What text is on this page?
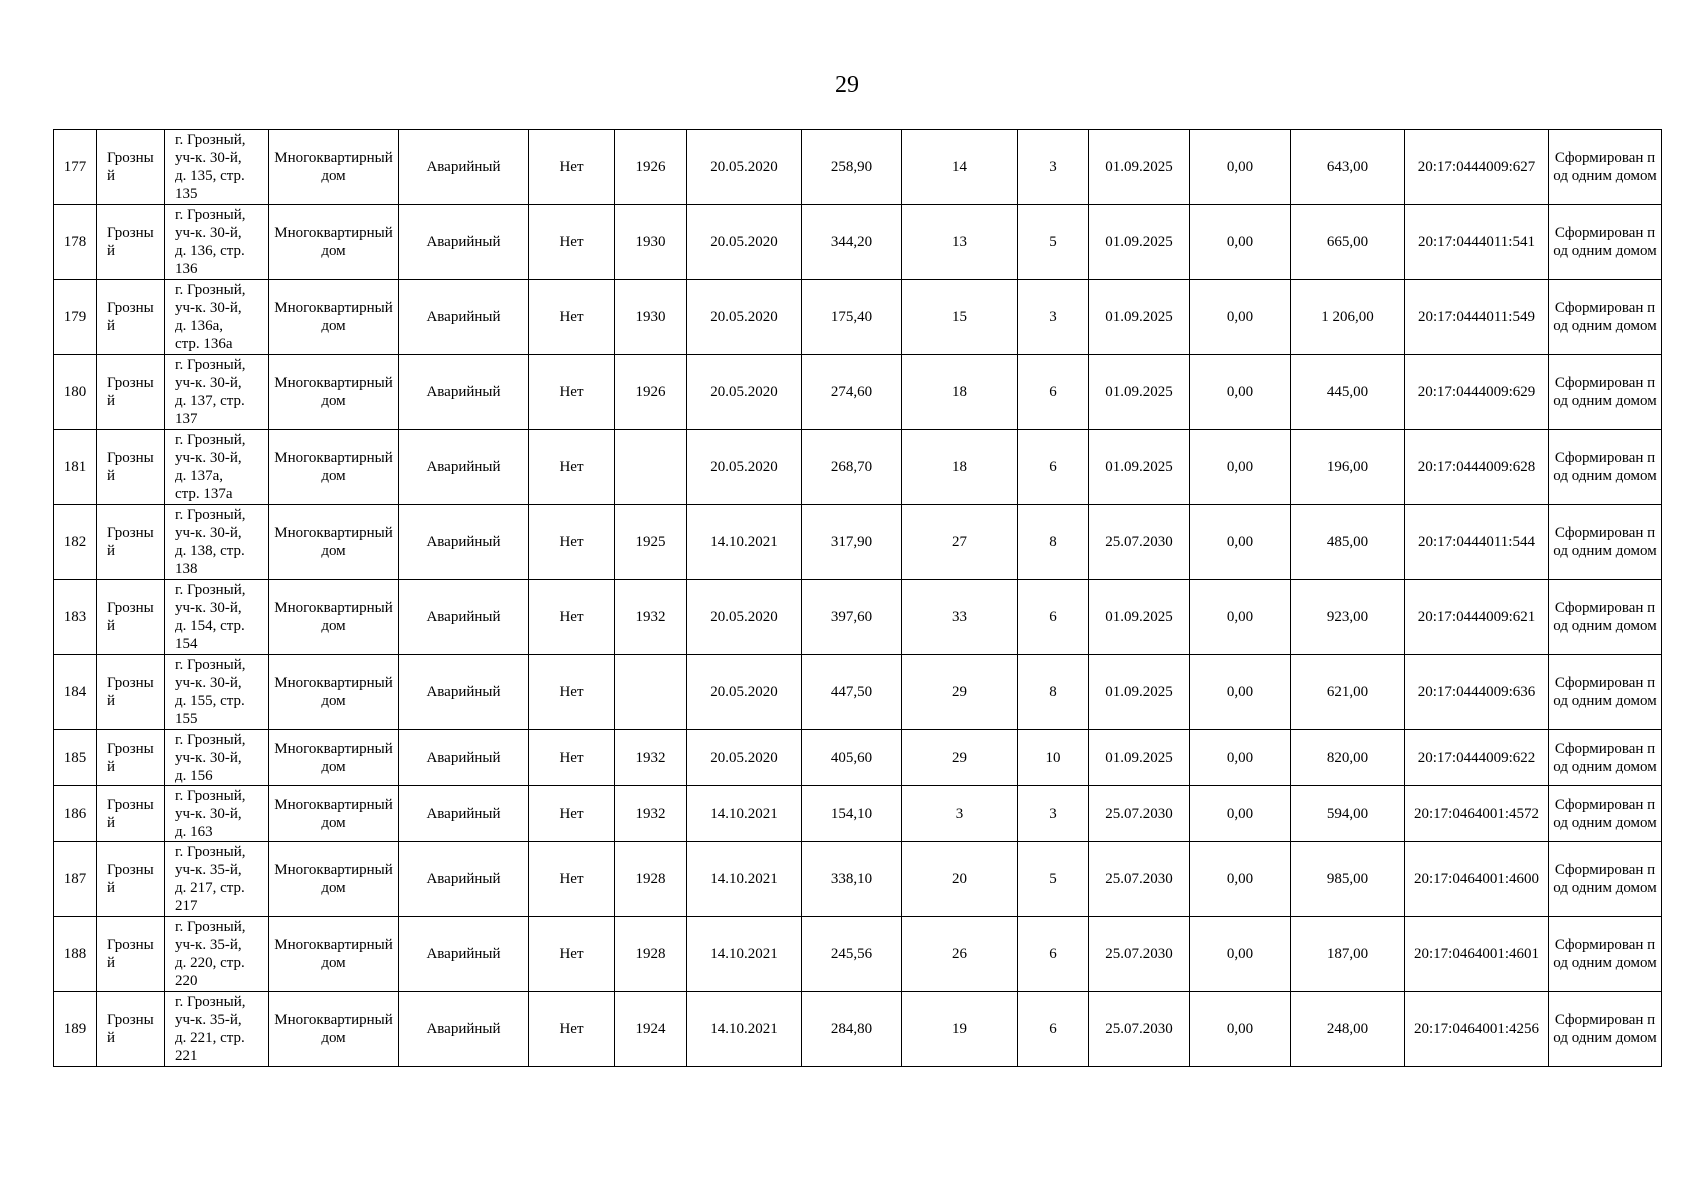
29
177	Грозный	г. Грозный,
уч-к. 30-й,
д. 135, стр.
135	Многоквартирный дом	Аварийный	Нет	1926	20.05.2020	258,90	14	3	01.09.2025	0,00	643,00	20:17:0444009:627	Сформирован под одним домом
178	Грозный	г. Грозный,
уч-к. 30-й,
д. 136, стр.
136	Многоквартирный дом	Аварийный	Нет	1930	20.05.2020	344,20	13	5	01.09.2025	0,00	665,00	20:17:0444011:541	Сформирован под одним домом
179	Грозный	г. Грозный,
уч-к. 30-й,
д. 136а,
стр. 136а	Многоквартирный дом	Аварийный	Нет	1930	20.05.2020	175,40	15	3	01.09.2025	0,00	1 206,00	20:17:0444011:549	Сформирован под одним домом
180	Грозный	г. Грозный,
уч-к. 30-й,
д. 137, стр.
137	Многоквартирный дом	Аварийный	Нет	1926	20.05.2020	274,60	18	6	01.09.2025	0,00	445,00	20:17:0444009:629	Сформирован под одним домом
181	Грозный	г. Грозный,
уч-к. 30-й,
д. 137а,
стр. 137а	Многоквартирный дом	Аварийный	Нет		20.05.2020	268,70	18	6	01.09.2025	0,00	196,00	20:17:0444009:628	Сформирован под одним домом
182	Грозный	г. Грозный,
уч-к. 30-й,
д. 138, стр.
138	Многоквартирный дом	Аварийный	Нет	1925	14.10.2021	317,90	27	8	25.07.2030	0,00	485,00	20:17:0444011:544	Сформирован под одним домом
183	Грозный	г. Грозный,
уч-к. 30-й,
д. 154, стр.
154	Многоквартирный дом	Аварийный	Нет	1932	20.05.2020	397,60	33	6	01.09.2025	0,00	923,00	20:17:0444009:621	Сформирован под одним домом
184	Грозный	г. Грозный,
уч-к. 30-й,
д. 155, стр.
155	Многоквартирный дом	Аварийный	Нет		20.05.2020	447,50	29	8	01.09.2025	0,00	621,00	20:17:0444009:636	Сформирован под одним домом
185	Грозный	г. Грозный,
уч-к. 30-й,
д. 156	Многоквартирный дом	Аварийный	Нет	1932	20.05.2020	405,60	29	10	01.09.2025	0,00	820,00	20:17:0444009:622	Сформирован под одним домом
186	Грозный	г. Грозный,
уч-к. 30-й,
д. 163	Многоквартирный дом	Аварийный	Нет	1932	14.10.2021	154,10	3	3	25.07.2030	0,00	594,00	20:17:0464001:4572	Сформирован под одним домом
187	Грозный	г. Грозный,
уч-к. 35-й,
д. 217, стр.
217	Многоквартирный дом	Аварийный	Нет	1928	14.10.2021	338,10	20	5	25.07.2030	0,00	985,00	20:17:0464001:4600	Сформирован под одним домом
188	Грозный	г. Грозный,
уч-к. 35-й,
д. 220, стр.
220	Многоквартирный дом	Аварийный	Нет	1928	14.10.2021	245,56	26	6	25.07.2030	0,00	187,00	20:17:0464001:4601	Сформирован под одним домом
189	Грозный	г. Грозный,
уч-к. 35-й,
д. 221, стр.
221	Многоквартирный дом	Аварийный	Нет	1924	14.10.2021	284,80	19	6	25.07.2030	0,00	248,00	20:17:0464001:4256	Сформирован под одним домом
